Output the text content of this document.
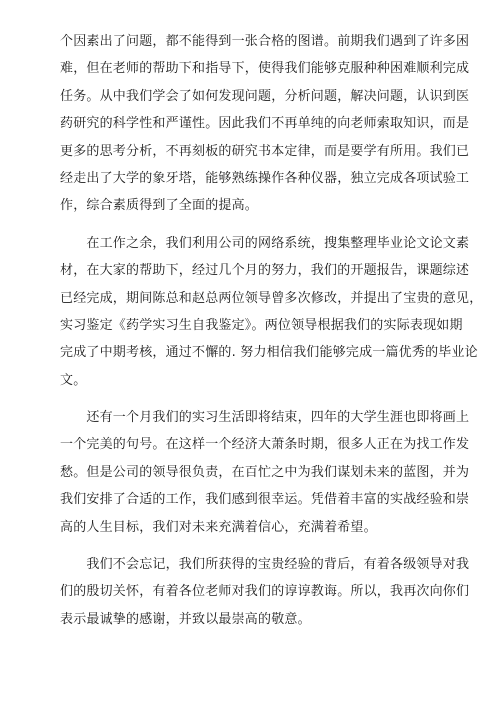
个因素出了问题，都不能得到一张合格的图谱。前期我们遇到了许多困
难，但在老师的帮助下和指导下，使得我们能够克服种种困难顺利完成
任务。从中我们学会了如何发现问题，分析问题，解决问题，认识到医
药研究的科学性和严谨性。因此我们不再单纯的向老师索取知识，而是
更多的思考分析，不再刻板的研究书本定律，而是要学有所用。我们已
经走出了大学的象牙塔，能够熟练操作各种仪器，独立完成各项试验工
作，综合素质得到了全面的提高。
　　在工作之余，我们利用公司的网络系统，搜集整理毕业论文论文素
材，在大家的帮助下，经过几个月的努力，我们的开题报告，课题综述
已经完成，期间陈总和赵总两位领导曾多次修改，并提出了宝贵的意见，
实习鉴定《药学实习生自我鉴定》。两位领导根据我们的实际表现如期
完成了中期考核，通过不懈的. 努力相信我们能够完成一篇优秀的毕业论
文。
　　还有一个月我们的实习生活即将结束，四年的大学生涯也即将画上
一个完美的句号。在这样一个经济大萧条时期，很多人正在为找工作发
愁。但是公司的领导很负责，在百忙之中为我们谋划未来的蓝图，并为
我们安排了合适的工作，我们感到很幸运。凭借着丰富的实战经验和崇
高的人生目标，我们对未来充满着信心，充满着希望。
　　我们不会忘记，我们所获得的宝贵经验的背后，有着各级领导对我
们的殷切关怀，有着各位老师对我们的谆谆教诲。所以，我再次向你们
表示最诚挚的感谢，并致以最崇高的敬意。
